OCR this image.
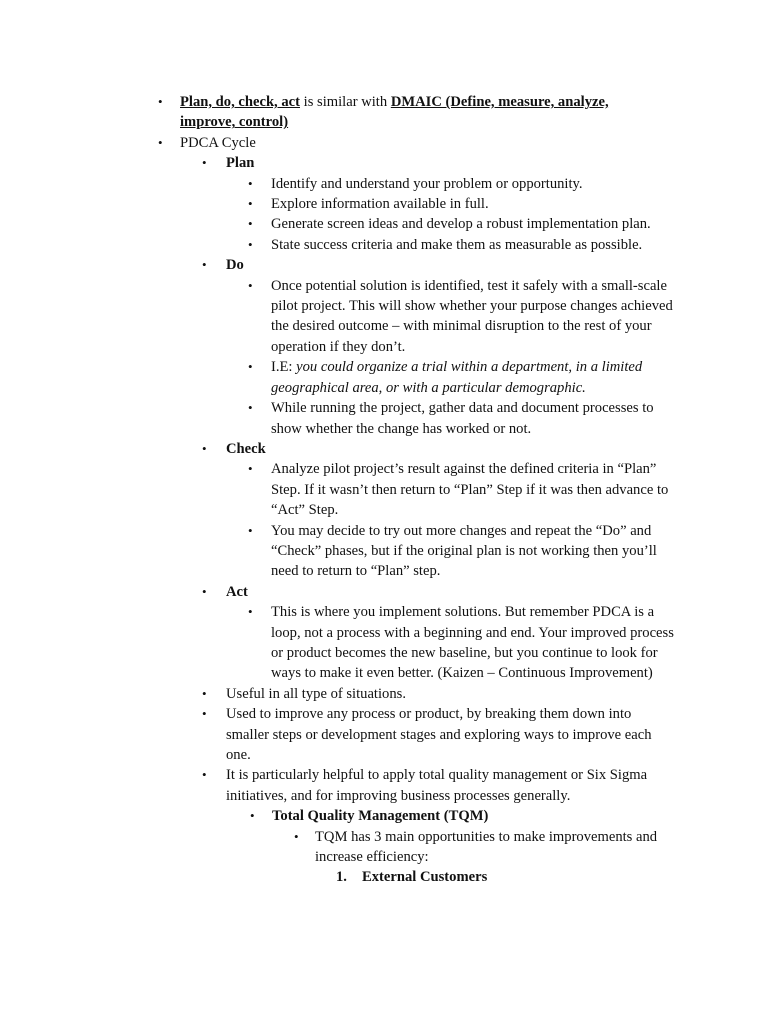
• Plan, do, check, act is similar with DMAIC (Define, measure, analyze, improve, control)
• PDCA Cycle
• Plan
• Identify and understand your problem or opportunity.
• Explore information available in full.
• Generate screen ideas and develop a robust implementation plan.
• State success criteria and make them as measurable as possible.
• Do
• Once potential solution is identified, test it safely with a small-scale pilot project. This will show whether your purpose changes achieved the desired outcome – with minimal disruption to the rest of your operation if they don’t.
• I.E: you could organize a trial within a department, in a limited geographical area, or with a particular demographic.
• While running the project, gather data and document processes to show whether the change has worked or not.
• Check
• Analyze pilot project’s result against the defined criteria in “Plan” Step. If it wasn’t then return to “Plan” Step if it was then advance to “Act” Step.
• You may decide to try out more changes and repeat the “Do” and “Check” phases, but if the original plan is not working then you’ll need to return to “Plan” step.
• Act
• This is where you implement solutions. But remember PDCA is a loop, not a process with a beginning and end. Your improved process or product becomes the new baseline, but you continue to look for ways to make it even better. (Kaizen – Continuous Improvement)
• Useful in all type of situations.
• Used to improve any process or product, by breaking them down into smaller steps or development stages and exploring ways to improve each one.
• It is particularly helpful to apply total quality management or Six Sigma initiatives, and for improving business processes generally.
• Total Quality Management (TQM)
• TQM has 3 main opportunities to make improvements and increase efficiency:
1. External Customers
